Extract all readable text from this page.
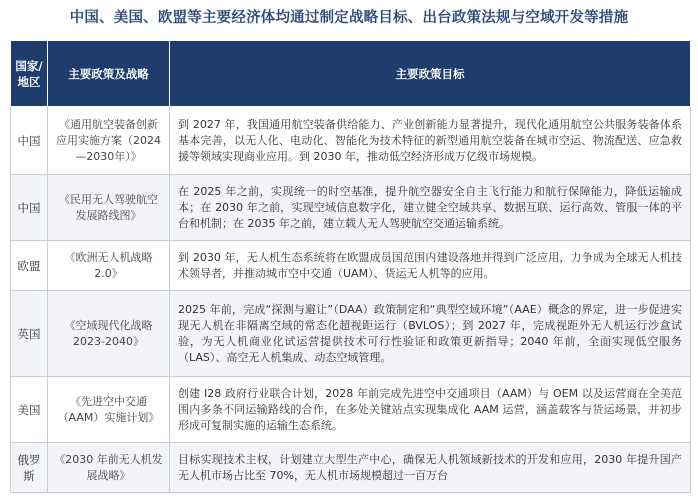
中国、美国、欧盟等主要经济体均通过制定战略目标、出台政策法规与空域开发等措施
国家/地区	主要政策及战略	主要政策目标
中国	《通用航空装备创新应用实施方案（2024—2030年）》	到 2027 年，我国通用航空装备供给能力、产业创新能力显著提升，现代化通用航空公共服务装备体系基本完善，以无人化、电动化、智能化为技术特征的新型通用航空装备在城市空运、物流配送、应急救援等领域实现商业应用。到 2030 年，推动低空经济形成万亿级市场规模。
中国	《民用无人驾驶航空发展路线图》	在 2025 年之前，实现统一的时空基准，提升航空器安全自主飞行能力和航行保障能力，降低运输成本；在 2030 年之前，实现空域信息数字化，建立健全空域共享、数据互联、运行高效、管服一体的平台和机制；在 2035 年之前，建立载人无人驾驶航空交通运输系统。
欧盟	《欧洲无人机战略2.0》	到 2030 年，无人机生态系统将在欧盟成员国范围内建设落地并得到广泛应用，力争成为全球无人机技术领导者，并推动城市空中交通（UAM）、货运无人机等的应用。
英国	《空域现代化战略2023-2040》	2025 年前，完成“探测与避让”（DAA）政策制定和“典型空域环境”（AAE）概念的界定，进一步促进实现无人机在非隔离空域的常态化超视距运行（BVLOS）；到 2027 年，完成视距外无人机运行沙盒试验，为无人机商业化试运营提供技术可行性验证和政策更新指导；2040 年前，全面实现低空服务（LAS）、高空无人机集成、动态空域管理。
美国	《先进空中交通（AAM）实施计划》	创建 I28 政府行业联合计划，2028 年前完成先进空中交通项目（AAM）与 OEM 以及运营商在全美范围内多条不同运输路线的合作，在多处关键站点实现集成化 AAM 运营，涵盖载客与货运场景，并初步形成可复制实施的运输生态系统。
俄罗斯	《2030 年前无人机发展战略》	目标实现技术主权，计划建立大型生产中心，确保无人机领域新技术的开发和应用，2030 年提升国产无人机市场占比至 70%，无人机市场规模超过一百万台
